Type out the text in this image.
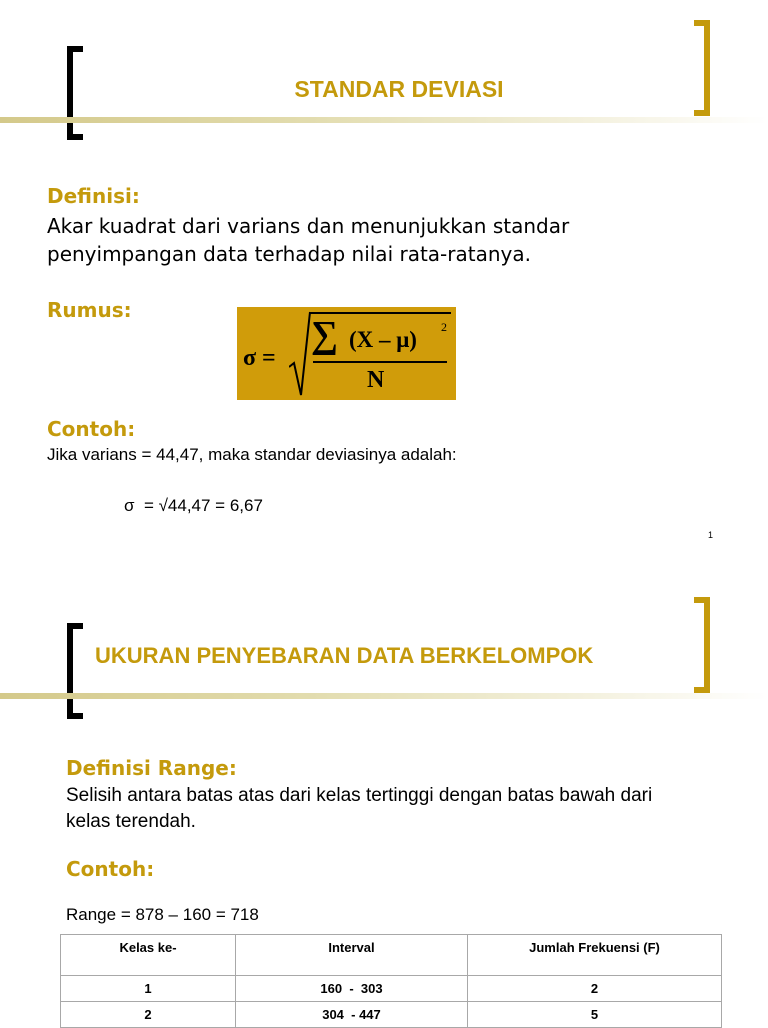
STANDAR DEVIASI
Definisi:
Akar kuadrat dari varians dan menunjukkan standar penyimpangan data terhadap nilai rata-ratanya.
Rumus:
σ =
∑ (X – μ) 2
N
Contoh:
Jika varians = 44,47, maka standar deviasinya adalah:
σ  = √44,47 = 6,67
1
UKURAN PENYEBARAN DATA BERKELOMPOK
Definisi Range:
Selisih antara batas atas dari kelas tertinggi dengan batas bawah dari kelas terendah.
Contoh:
Range = 878 – 160 = 718
Kelas ke-	Interval	Jumlah Frekuensi (F)
1	160  -  303	2
2	304  - 447	5
